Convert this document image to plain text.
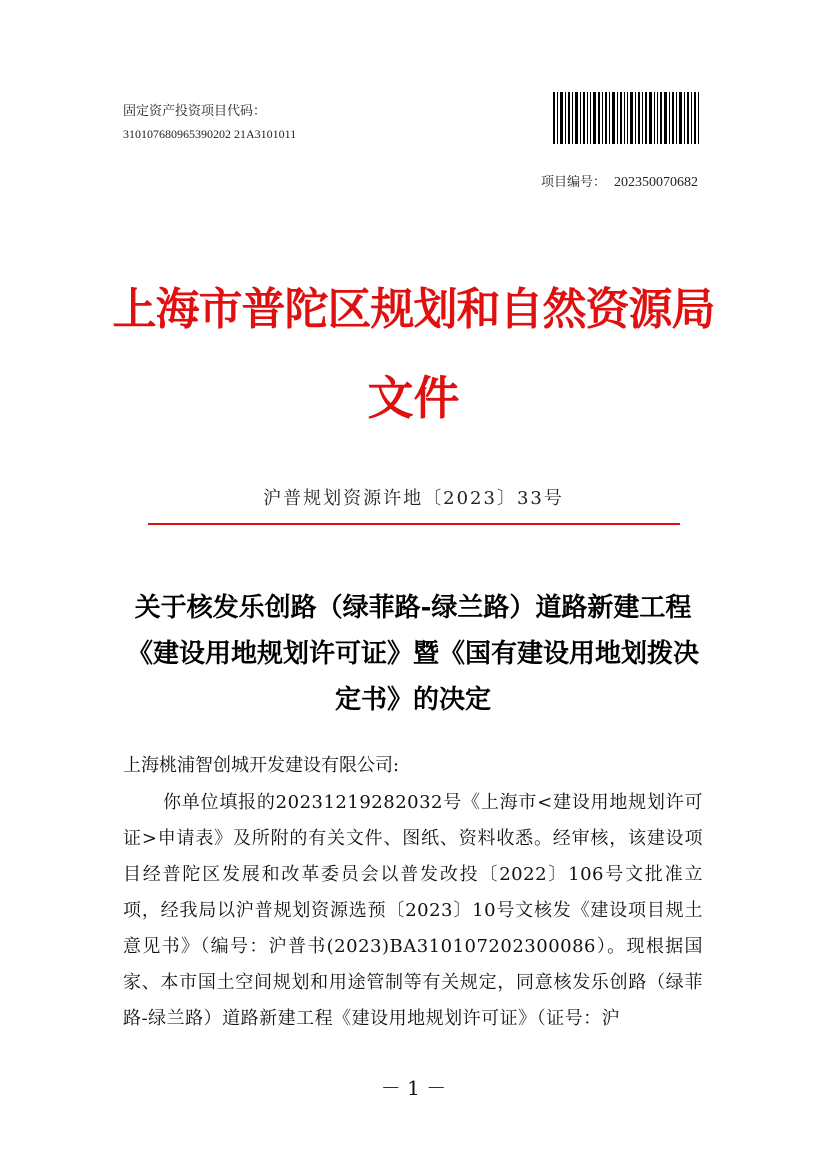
固定资产投资项目代码：
310107680965390202 21A3101011
项目编号： 202350070682
上海市普陀区规划和自然资源局
文件
沪普规划资源许地〔2023〕33号
关于核发乐创路（绿菲路-绿兰路）道路新建工程《建设用地规划许可证》暨《国有建设用地划拨决定书》的决定
上海桃浦智创城开发建设有限公司:
你单位填报的20231219282032号《上海市<建设用地规划许可证>申请表》及所附的有关文件、图纸、资料收悉。经审核，该建设项目经普陀区发展和改革委员会以普发改投〔2022〕106号文批准立项，经我局以沪普规划资源选预〔2023〕10号文核发《建设项目规土意见书》（编号：沪普书(2023)BA310107202300086）。现根据国家、本市国土空间规划和用途管制等有关规定，同意核发乐创路（绿菲路-绿兰路）道路新建工程《建设用地规划许可证》（证号：沪
－ 1 －
